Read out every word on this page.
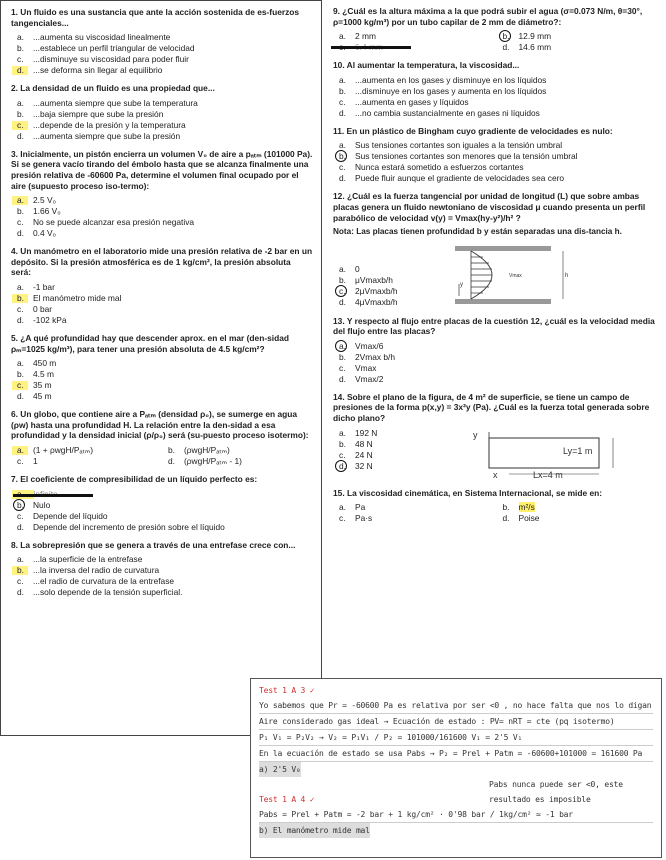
1. Un fluido es una sustancia que ante la acción sostenida de es-fuerzos tangenciales...
a.	...aumenta su viscosidad linealmente
b.	...establece un perfil triangular de velocidad
c.	...disminuye su viscosidad para poder fluir
d.	...se deforma sin llegar al equilibrio
2. La densidad de un fluido es una propiedad que...
a.	...aumenta siempre que sube la temperatura
b.	...baja siempre que sube la presión
c.	...depende de la presión y la temperatura
d.	...aumenta siempre que sube la presión
3. Inicialmente, un pistón encierra un volumen V₀ de aire a pₐₜₘ (101000 Pa). Si se genera vacío tirando del émbolo hasta que se alcanza finalmente una presión relativa de -60600 Pa, determine el volumen final ocupado por el aire (supuesto proceso iso-termo):
a.	2.5 V₀
b.	1.66 V₀
c.	No se puede alcanzar esa presión negativa
d.	0.4 V₀
4. Un manómetro en el laboratorio mide una presión relativa de -2 bar en un depósito. Si la presión atmosférica es de 1 kg/cm², la presión absoluta será:
a.	-1 bar
b.	El manómetro mide mal
c.	0 bar
d.	-102 kPa
5. ¿A qué profundidad hay que descender aprox. en el mar (den-sidad ρₘ=1025 kg/m³), para tener una presión absoluta de 4.5 kg/cm²?
a.	450 m
b.	4.5 m
c.	35 m
d.	45 m
6. Un globo, que contiene aire a Pₐₜₘ (densidad ρ₀), se sumerge en agua (ρw) hasta una profundidad H. La relación entre la den-sidad a esa profundidad y la densidad inicial (ρ/ρ₀) será (su-puesto proceso isotermo):
a.	(1 + ρwgH/Pₐₜₘ)	b.	(ρwgH/Pₐₜₘ)
c.	1	d.	(ρwgH/Pₐₜₘ - 1)
7. El coeficiente de compresibilidad de un líquido perfecto es:
b.	Nulo
c.	Depende del líquido
d.	Depende del incremento de presión sobre el líquido
8. La sobrepresión que se genera a través de una entrefase crece con...
a.	...la superficie de la entrefase
b.	...la inversa del radio de curvatura
c.	...el radio de curvatura de la entrefase
d.	...solo depende de la tensión superficial.
9. ¿Cuál es la altura máxima a la que podrá subir el agua (σ=0.073 N/m, θ=30°, ρ=1000 kg/m³) por un tubo capilar de 2 mm de diámetro?:
a.	2 mm	b.	12.9 mm
d.	14.6 mm
10. Al aumentar la temperatura, la viscosidad...
a.	...aumenta en los gases y disminuye en los líquidos
b.	...disminuye en los gases y aumenta en los líquidos
c.	...aumenta en gases y líquidos
d.	...no cambia sustancialmente en gases ni líquidos
11. En un plástico de Bingham cuyo gradiente de velocidades es nulo:
a.	Sus tensiones cortantes son iguales a la tensión umbral
b.	Sus tensiones cortantes son menores que la tensión umbral
c.	Nunca estará sometido a esfuerzos cortantes
d.	Puede fluir aunque el gradiente de velocidades sea cero
12. ¿Cuál es la fuerza tangencial por unidad de longitud (L) que sobre ambas placas genera un fluido newtoniano de viscosidad μ cuando presenta un perfil parabólico de velocidad v(y) = Vmax(hy-y²)/h² ?
Nota: Las placas tienen profundidad b y están separadas una dis-tancia h.
a.	0
b.	μVmaxb/h
c.	2μVmaxb/h
d.	4μVmaxb/h
y
Vmax	h
13. Y respecto al flujo entre placas de la cuestión 12, ¿cuál es la velocidad media del flujo entre las placas?
a.	Vmax/6
b.	2Vmax b/h
c.	Vmax
d.	Vmax/2
14. Sobre el plano de la figura, de 4 m² de superficie, se tiene un campo de presiones de la forma p(x,y) = 3x²y (Pa). ¿Cuál es la fuerza total generada sobre dicho plano?
a.	192 N
b.	48 N
c.	24 N
d.	32 N
y
x
Ly=1 m
Lx=4 m
15. La viscosidad cinemática, en Sistema Internacional, se mide en:
a.	Pa	b.	m²/s
c.	Pa·s	d.	Poise
Test 1 A 3 ✓
Yo sabemos que Pr = -60600 Pa es relativa por ser <0 , no hace falta que nos lo digan
Aire considerado gas ideal → Ecuación de estado : PV= nRT = cte (pq isotermo)
P₁ V₁ = P₂V₂ → V₂ = P₁V₁ / P₂ = 101000/161600 V₁ = 2'5 V₁
En la ecuación de estado se usa Pabs → P₂ = Prel + Patm = -60600+101000 = 161600 Pa
a) 2'5 V₀
Pabs nunca puede ser <0, este
Test 1 A 4 ✓	resultado es imposible
Pabs = Prel + Patm = -2 bar + 1 kg/cm² · 0'98 bar / 1kg/cm² ≃ -1 bar
b) El manómetro mide mal
